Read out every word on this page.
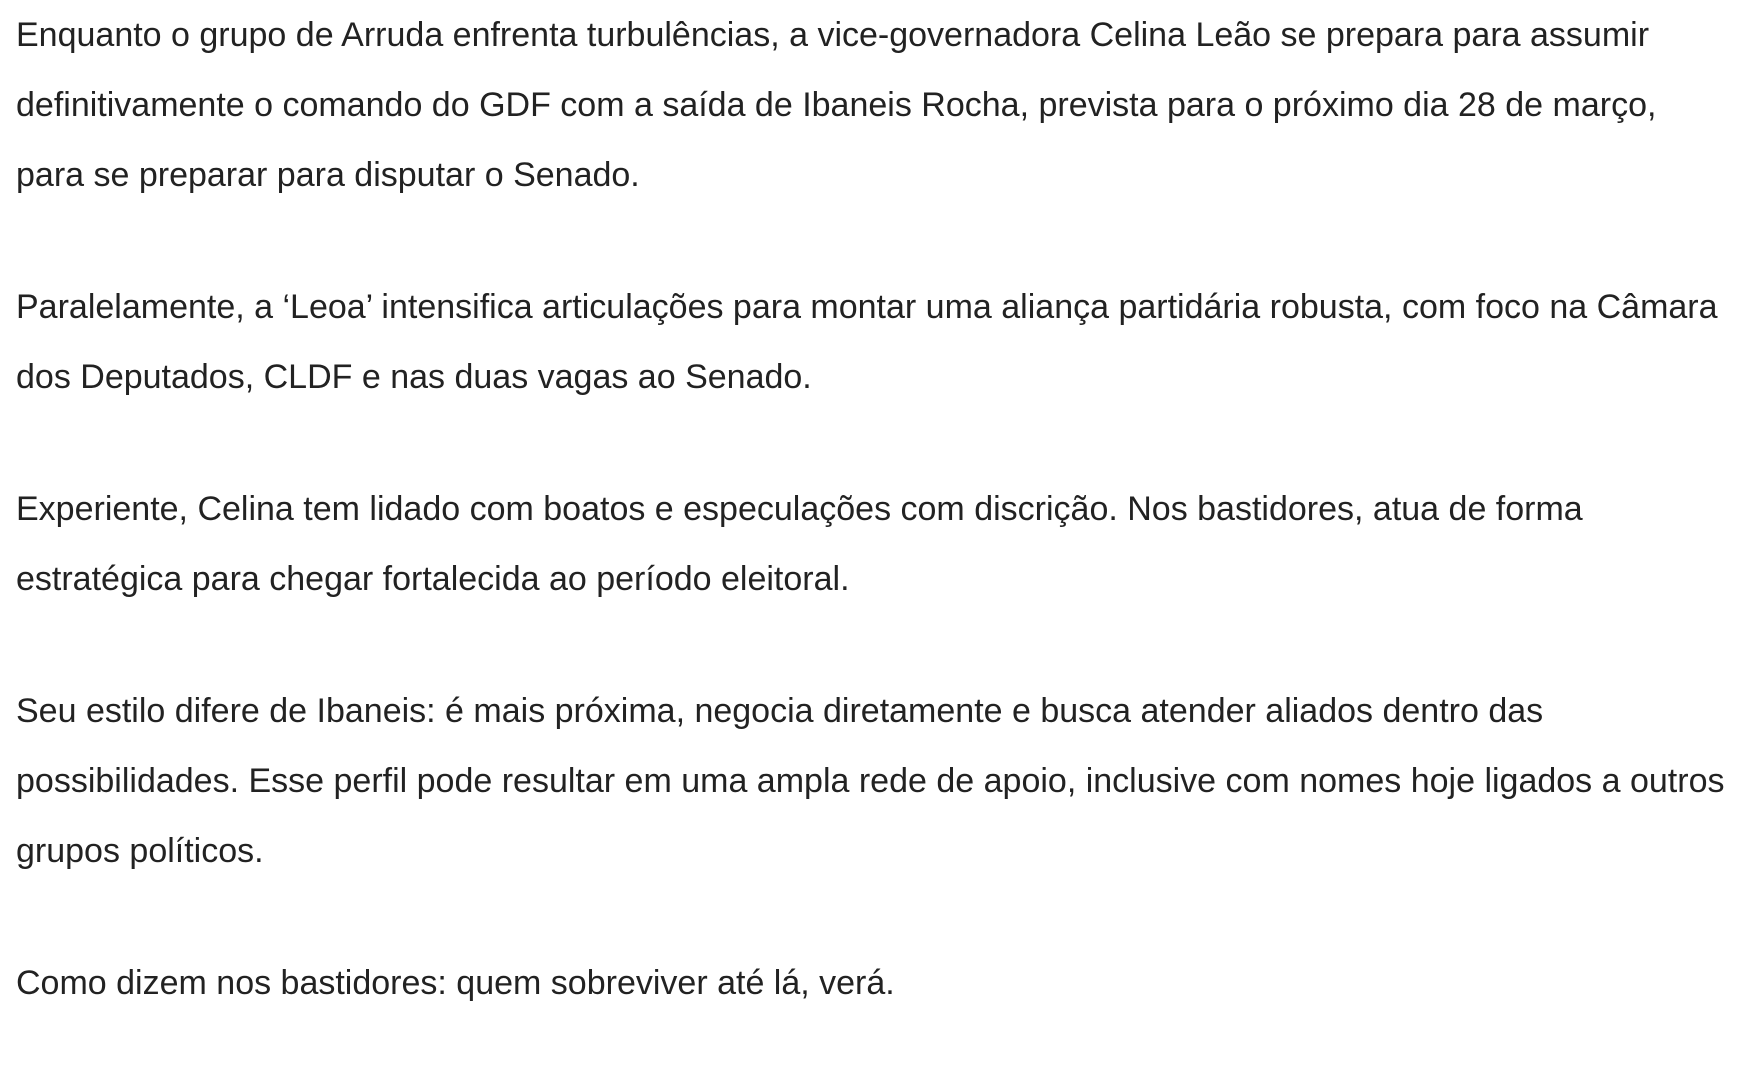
Enquanto o grupo de Arruda enfrenta turbulências, a vice-governadora Celina Leão se prepara para assumir definitivamente o comando do GDF com a saída de Ibaneis Rocha, prevista para o próximo dia 28 de março, para se preparar para disputar o Senado.

Paralelamente, a ‘Leoa’ intensifica articulações para montar uma aliança partidária robusta, com foco na Câmara dos Deputados, CLDF e nas duas vagas ao Senado.

Experiente, Celina tem lidado com boatos e especulações com discrição. Nos bastidores, atua de forma estratégica para chegar fortalecida ao período eleitoral.

Seu estilo difere de Ibaneis: é mais próxima, negocia diretamente e busca atender aliados dentro das possibilidades. Esse perfil pode resultar em uma ampla rede de apoio, inclusive com nomes hoje ligados a outros grupos políticos.

Como dizem nos bastidores: quem sobreviver até lá, verá.
